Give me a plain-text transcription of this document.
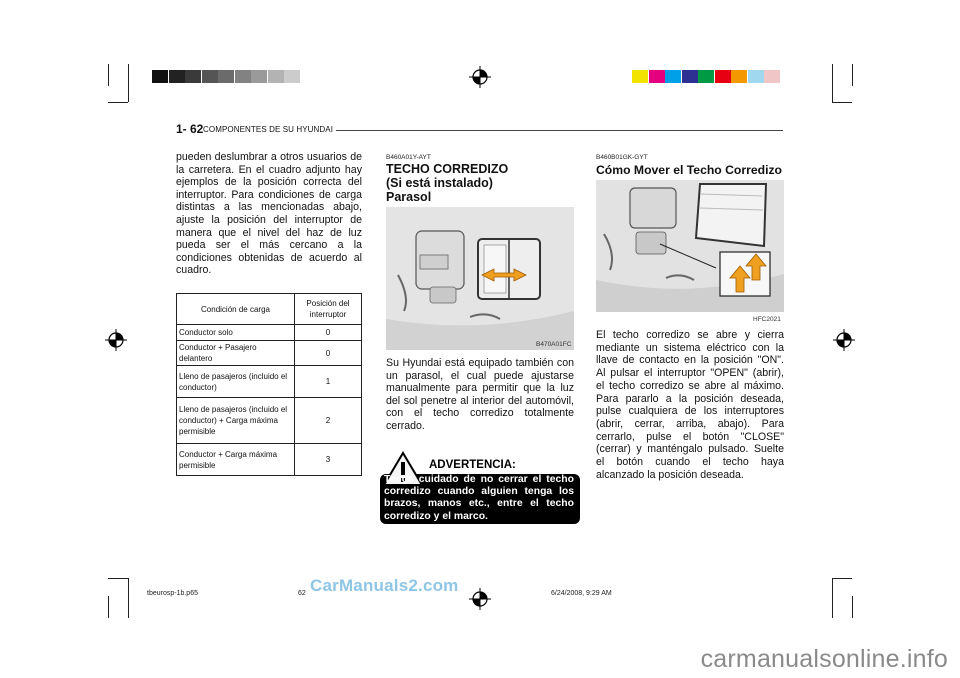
1- 62 COMPONENTES DE SU HYUNDAI
pueden deslumbrar a otros usuarios de la carretera. En el cuadro adjunto hay ejemplos de la posición correcta del interruptor. Para condiciones de carga distintas a las mencionadas abajo, ajuste la posición del interruptor de manera que el nivel del haz de luz pueda ser el más cercano a la condiciones obtenidas de acuerdo al cuadro.
Condición de carga	Posición del interruptor
Conductor solo	0
Conductor + Pasajero delantero	0
Lleno de pasajeros (incluido el conductor)	1
Lleno de pasajeros (incluido el conductor) + Carga máxima permisible	2
Conductor + Carga máxima permisible	3
B460A01Y-AYT
TECHO CORREDIZO
(Si está instalado)
Parasol
B470A01FC
Su Hyundai está equipado también con un parasol, el cual puede ajustarse manualmente para permitir que la luz del sol penetre al interior del automóvil, con el techo corredizo totalmente cerrado.
ADVERTENCIA:
Tenga cuidado de no cerrar el techo corredizo cuando alguien tenga los brazos, manos etc., entre el techo corredizo y el marco.
B460B01GK-GYT
Cómo Mover el Techo Corredizo
HFC2021
El techo corredizo se abre y cierra mediante un sistema eléctrico con la llave de contacto en la posición "ON". Al pulsar el interruptor "OPEN" (abrir), el techo corredizo se abre al máximo. Para pararlo a la posición deseada, pulse cualquiera de los interruptores (abrir, cerrar, arriba, abajo). Para cerrarlo, pulse el botón "CLOSE" (cerrar) y manténgalo pulsado. Suelte el botón cuando el techo haya alcanzado la posición deseada.
tbeurosp-1b.p65	62	6/24/2008, 9:29 AM
CarManuals2.com
carmanualsonline.info
